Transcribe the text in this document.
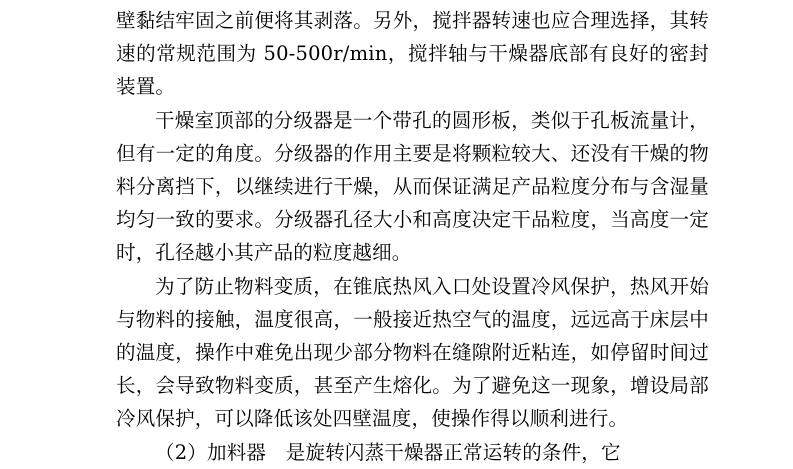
壁黏结牢固之前便将其剥落。另外，搅拌器转速也应合理选择，其转速的常规范围为 50-500r/min，搅拌轴与干燥器底部有良好的密封装置。

干燥室顶部的分级器是一个带孔的圆形板，类似于孔板流量计，但有一定的角度。分级器的作用主要是将颗粒较大、还没有干燥的物料分离挡下，以继续进行干燥，从而保证满足产品粒度分布与含湿量均匀一致的要求。分级器孔径大小和高度决定干品粒度，当高度一定时，孔径越小其产品的粒度越细。

为了防止物料变质，在锥底热风入口处设置冷风保护，热风开始与物料的接触，温度很高，一般接近热空气的温度，远远高于床层中的温度，操作中难免出现少部分物料在缝隙附近粘连，如停留时间过长，会导致物料变质，甚至产生熔化。为了避免这一现象，增设局部冷风保护，可以降低该处四壁温度，使操作得以顺利进行。

（2）加料器　是旋转闪蒸干燥器正常运转的条件，它
